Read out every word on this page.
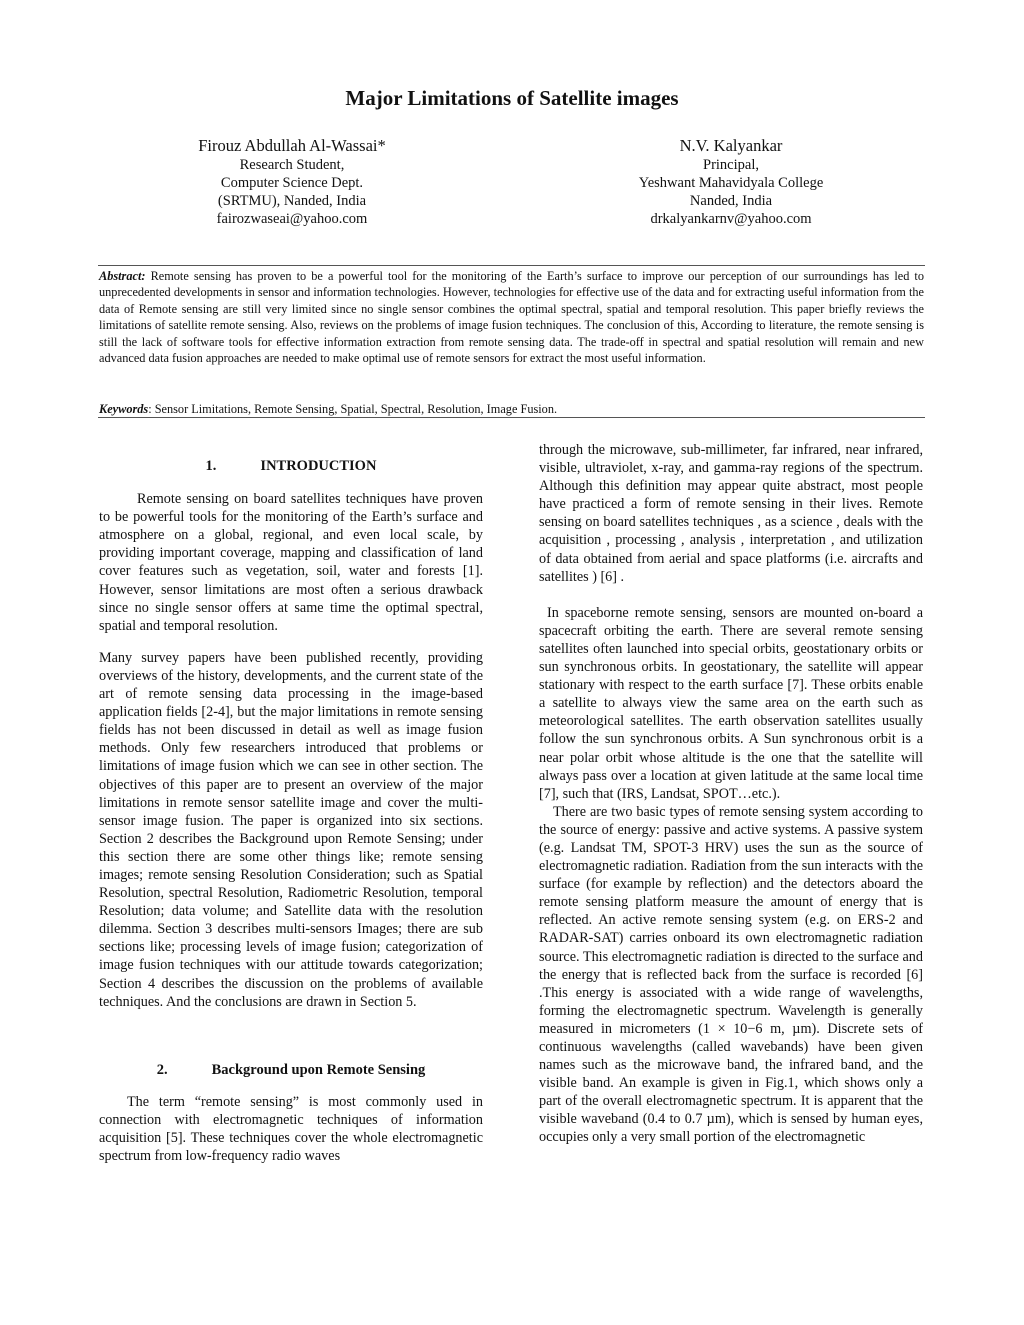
Major Limitations of Satellite images
Firouz Abdullah Al-Wassai*
Research Student,
Computer Science Dept.
(SRTMU), Nanded, India
fairozwaseai@yahoo.com
N.V. Kalyankar
Principal,
Yeshwant Mahavidyala College
Nanded, India
drkalyankarnv@yahoo.com
Abstract: Remote sensing has proven to be a powerful tool for the monitoring of the Earth’s surface to improve our perception of our surroundings has led to unprecedented developments in sensor and information technologies. However, technologies for effective use of the data and for extracting useful information from the data of Remote sensing are still very limited since no single sensor combines the optimal spectral, spatial and temporal resolution. This paper briefly reviews the limitations of satellite remote sensing. Also, reviews on the problems of image fusion techniques. The conclusion of this, According to literature, the remote sensing is still the lack of software tools for effective information extraction from remote sensing data. The trade-off in spectral and spatial resolution will remain and new advanced data fusion approaches are needed to make optimal use of remote sensors for extract the most useful information.
Keywords: Sensor Limitations, Remote Sensing, Spatial, Spectral, Resolution, Image Fusion.
1.	INTRODUCTION

Remote sensing on board satellites techniques have proven to be powerful tools for the monitoring of the Earth’s surface and atmosphere on a global, regional, and even local scale, by providing important coverage, mapping and classification of land cover features such as vegetation, soil, water and forests [1]. However, sensor limitations are most often a serious drawback since no single sensor offers at same time the optimal spectral, spatial and temporal resolution.

Many survey papers have been published recently, providing overviews of the history, developments, and the current state of the art of remote sensing data processing in the image-based application fields [2-4], but the major limitations in remote sensing fields has not been discussed in detail as well as image fusion methods. Only few researchers introduced that problems or limitations of image fusion which we can see in other section. The objectives of this paper are to present an overview of the major limitations in remote sensor satellite image and cover the multi-sensor image fusion. The paper is organized into six sections. Section 2 describes the Background upon Remote Sensing; under this section there are some other things like; remote sensing images; remote sensing Resolution Consideration; such as Spatial Resolution, spectral Resolution, Radiometric Resolution, temporal Resolution; data volume; and Satellite data with the resolution dilemma. Section 3 describes multi-sensors Images; there are sub sections like; processing levels of image fusion; categorization of image fusion techniques with our attitude towards categorization; Section 4 describes the discussion on the problems of available techniques. And the conclusions are drawn in Section 5.

2.	Background upon Remote Sensing

The term “remote sensing” is most commonly used in connection with electromagnetic techniques of information acquisition [5]. These techniques cover the whole electromagnetic spectrum from low-frequency radio waves

through the microwave, sub-millimeter, far infrared, near infrared, visible, ultraviolet, x-ray, and gamma-ray regions of the spectrum. Although this definition may appear quite abstract, most people have practiced a form of remote sensing in their lives. Remote sensing on board satellites techniques , as a science , deals with the acquisition , processing , analysis , interpretation , and utilization of data obtained from aerial and space platforms (i.e. aircrafts and satellites ) [6] .

In spaceborne remote sensing, sensors are mounted on-board a spacecraft orbiting the earth. There are several remote sensing satellites often launched into special orbits, geostationary orbits or sun synchronous orbits. In geostationary, the satellite will appear stationary with respect to the earth surface [7]. These orbits enable a satellite to always view the same area on the earth such as meteorological satellites. The earth observation satellites usually follow the sun synchronous orbits. A Sun synchronous orbit is a near polar orbit whose altitude is the one that the satellite will always pass over a location at given latitude at the same local time [7], such that (IRS, Landsat, SPOT…etc.).

There are two basic types of remote sensing system according to the source of energy: passive and active systems. A passive system (e.g. Landsat TM, SPOT-3 HRV) uses the sun as the source of electromagnetic radiation. Radiation from the sun interacts with the surface (for example by reflection) and the detectors aboard the remote sensing platform measure the amount of energy that is reflected. An active remote sensing system (e.g. on ERS-2 and RADAR-SAT) carries onboard its own electromagnetic radiation source. This electromagnetic radiation is directed to the surface and the energy that is reflected back from the surface is recorded [6] .This energy is associated with a wide range of wavelengths, forming the electromagnetic spectrum. Wavelength is generally measured in micrometers (1 × 10−6 m, µm). Discrete sets of continuous wavelengths (called wavebands) have been given names such as the microwave band, the infrared band, and the visible band. An example is given in Fig.1, which shows only a part of the overall electromagnetic spectrum. It is apparent that the visible waveband (0.4 to 0.7 µm), which is sensed by human eyes, occupies only a very small portion of the electromagnetic
